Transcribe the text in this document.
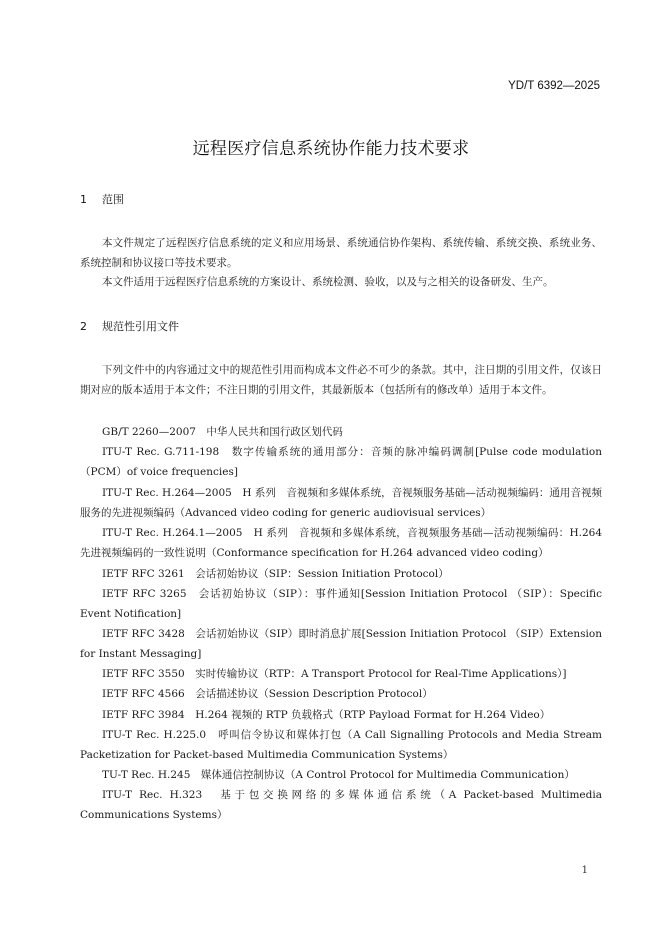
YD/T 6392—2025
远程医疗信息系统协作能力技术要求
1 范围
本文件规定了远程医疗信息系统的定义和应用场景、系统通信协作架构、系统传输、系统交换、系统业务、系统控制和协议接口等技术要求。
本文件适用于远程医疗信息系统的方案设计、系统检测、验收，以及与之相关的设备研发、生产。
2 规范性引用文件
下列文件中的内容通过文中的规范性引用而构成本文件必不可少的条款。其中，注日期的引用文件，仅该日期对应的版本适用于本文件；不注日期的引用文件，其最新版本（包括所有的修改单）适用于本文件。
GB/T 2260—2007　中华人民共和国行政区划代码
ITU-T Rec. G.711-198　数字传输系统的通用部分：音频的脉冲编码调制[Pulse code modulation（PCM）of voice frequencies]
ITU-T Rec. H.264—2005　H 系列　音视频和多媒体系统，音视频服务基础—活动视频编码：通用音视频服务的先进视频编码（Advanced video coding for generic audiovisual services）
ITU-T Rec. H.264.1—2005　H 系列　音视频和多媒体系统，音视频服务基础—活动视频编码：H.264 先进视频编码的一致性说明（Conformance specification for H.264 advanced video coding）
IETF RFC 3261　会话初始协议（SIP：Session Initiation Protocol）
IETF RFC 3265　会话初始协议（SIP）：事件通知[Session Initiation Protocol （SIP）：Specific Event Notification]
IETF RFC 3428　会话初始协议（SIP）即时消息扩展[Session Initiation Protocol （SIP）Extension for Instant Messaging]
IETF RFC 3550　实时传输协议（RTP：A Transport Protocol for Real-Time Applications）]
IETF RFC 4566　会话描述协议（Session Description Protocol）
IETF RFC 3984　H.264 视频的 RTP 负载格式（RTP Payload Format for H.264 Video）
ITU-T Rec. H.225.0　呼叫信令协议和媒体打包（A Call Signalling Protocols and Media Stream Packetization for Packet-based Multimedia Communication Systems）
TU-T Rec. H.245　媒体通信控制协议（A Control Protocol for Multimedia Communication）
ITU-T Rec. H.323　基于包交换网络的多媒体通信系统（A Packet-based Multimedia Communications Systems）
1
